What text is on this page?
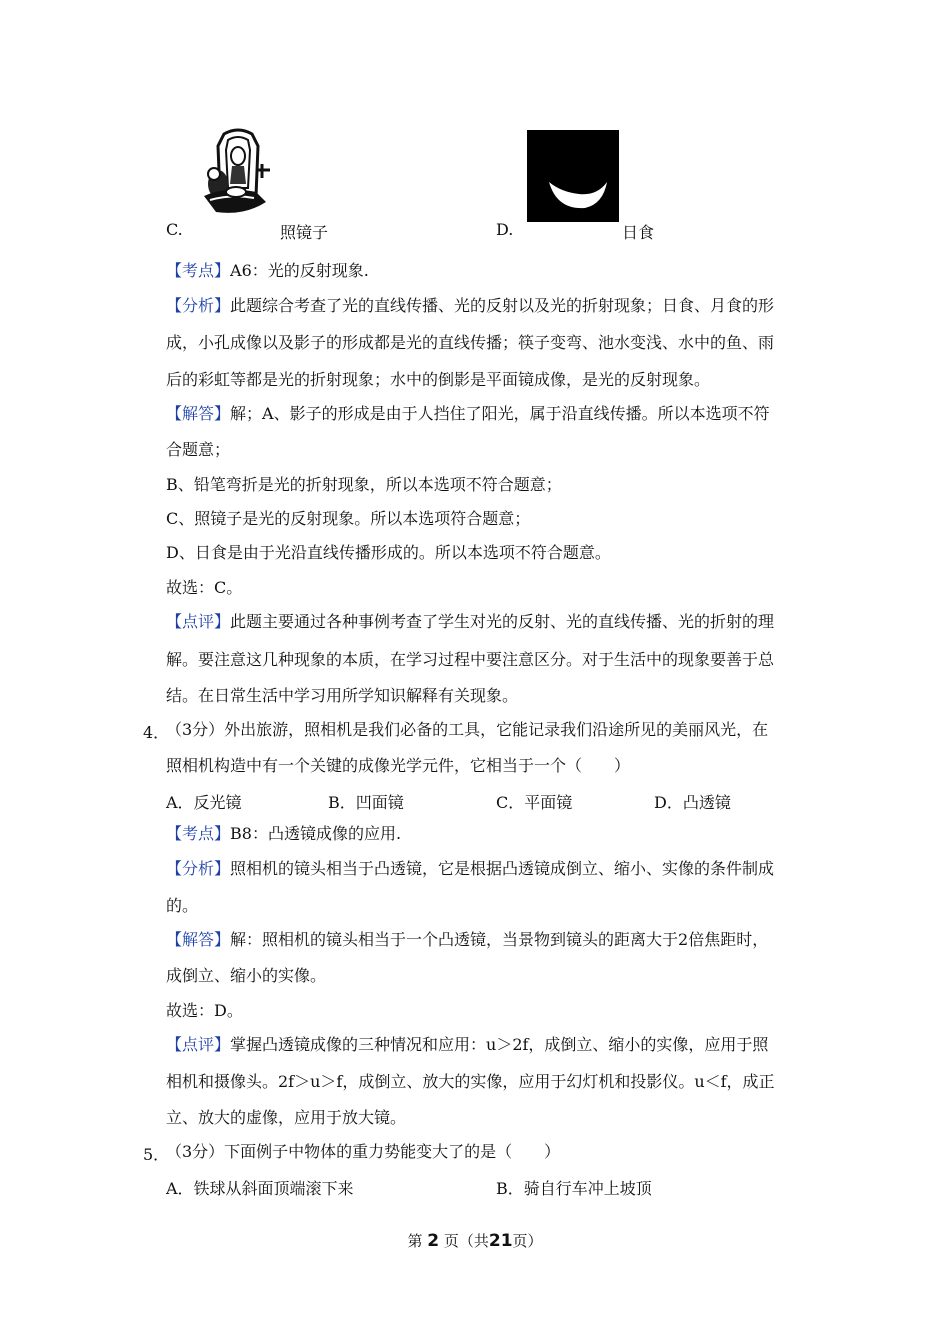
C.	照镜子	D.	日食
【考点】A6：光的反射现象.
【分析】此题综合考查了光的直线传播、光的反射以及光的折射现象；日食、月食的形
成，小孔成像以及影子的形成都是光的直线传播；筷子变弯、池水变浅、水中的鱼、雨
后的彩虹等都是光的折射现象；水中的倒影是平面镜成像，是光的反射现象。
【解答】解；A、影子的形成是由于人挡住了阳光，属于沿直线传播。所以本选项不符
合题意；
B、铅笔弯折是光的折射现象，所以本选项不符合题意；
C、照镜子是光的反射现象。所以本选项符合题意；
D、日食是由于光沿直线传播形成的。所以本选项不符合题意。
故选：C。
【点评】此题主要通过各种事例考查了学生对光的反射、光的直线传播、光的折射的理
解。要注意这几种现象的本质，在学习过程中要注意区分。对于生活中的现象要善于总
结。在日常生活中学习用所学知识解释有关现象。
4．
（3分）外出旅游，照相机是我们必备的工具，它能记录我们沿途所见的美丽风光，在
照相机构造中有一个关键的成像光学元件，它相当于一个（　　）
A．反光镜	B．凹面镜	C．平面镜	D．凸透镜
【考点】B8：凸透镜成像的应用.
【分析】照相机的镜头相当于凸透镜，它是根据凸透镜成倒立、缩小、实像的条件制成
的。
【解答】解：照相机的镜头相当于一个凸透镜，当景物到镜头的距离大于2倍焦距时，
成倒立、缩小的实像。
故选：D。
【点评】掌握凸透镜成像的三种情况和应用：u＞2f，成倒立、缩小的实像，应用于照
相机和摄像头。2f＞u＞f，成倒立、放大的实像，应用于幻灯机和投影仪。u＜f，成正
立、放大的虚像，应用于放大镜。
5．
（3分）下面例子中物体的重力势能变大了的是（　　）
A．铁球从斜面顶端滚下来	B．骑自行车冲上坡顶
第 2 页（共21页）
